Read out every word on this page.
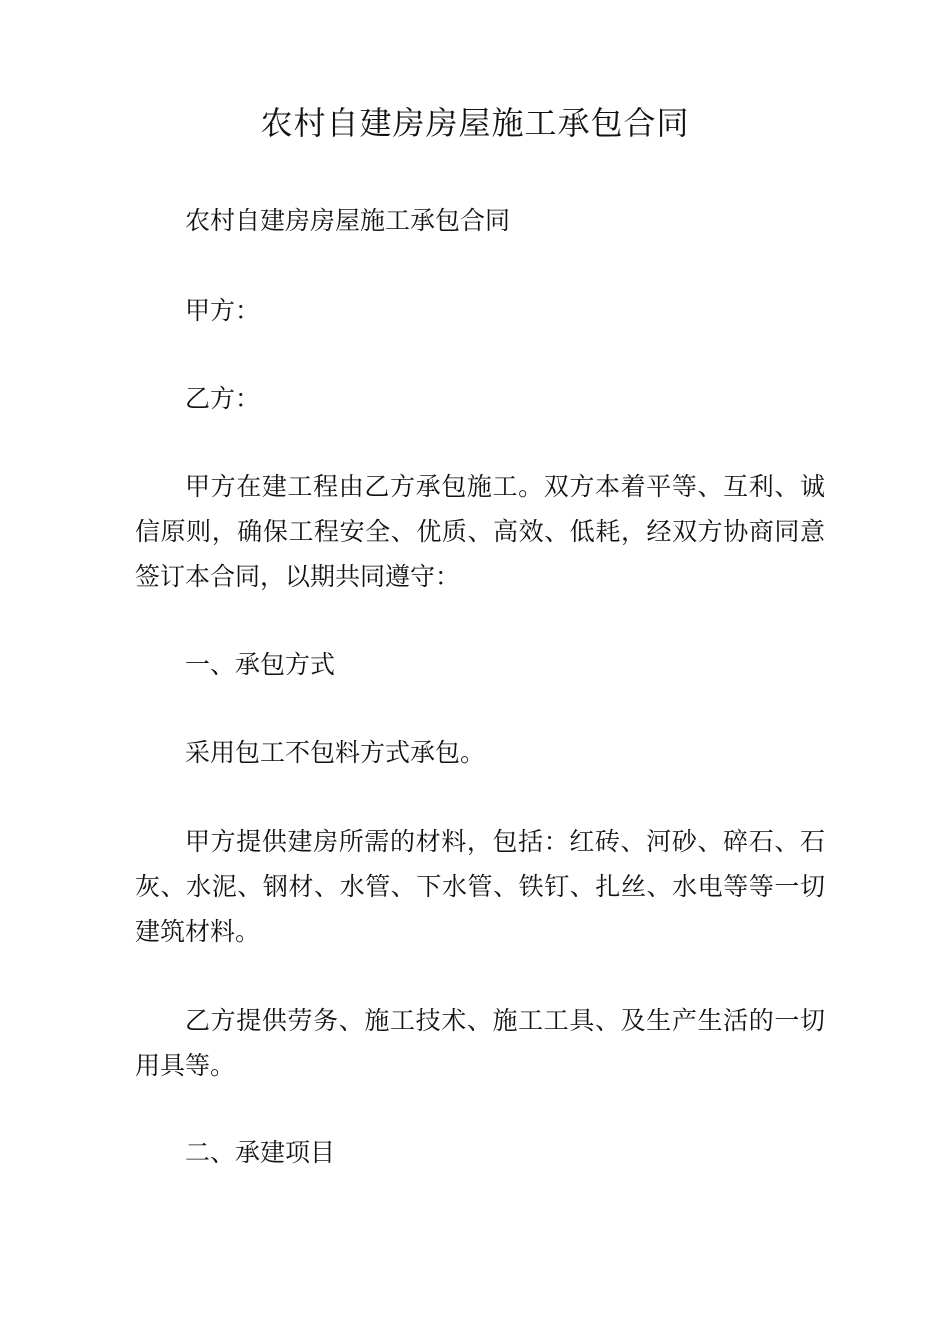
农村自建房房屋施工承包合同

农村自建房房屋施工承包合同

甲方：

乙方：

甲方在建工程由乙方承包施工。双方本着平等、互利、诚信原则，确保工程安全、优质、高效、低耗，经双方协商同意签订本合同，以期共同遵守：

一、承包方式

采用包工不包料方式承包。

甲方提供建房所需的材料，包括：红砖、河砂、碎石、石灰、水泥、钢材、水管、下水管、铁钉、扎丝、水电等等一切建筑材料。

乙方提供劳务、施工技术、施工工具、及生产生活的一切用具等。

二、承建项目
